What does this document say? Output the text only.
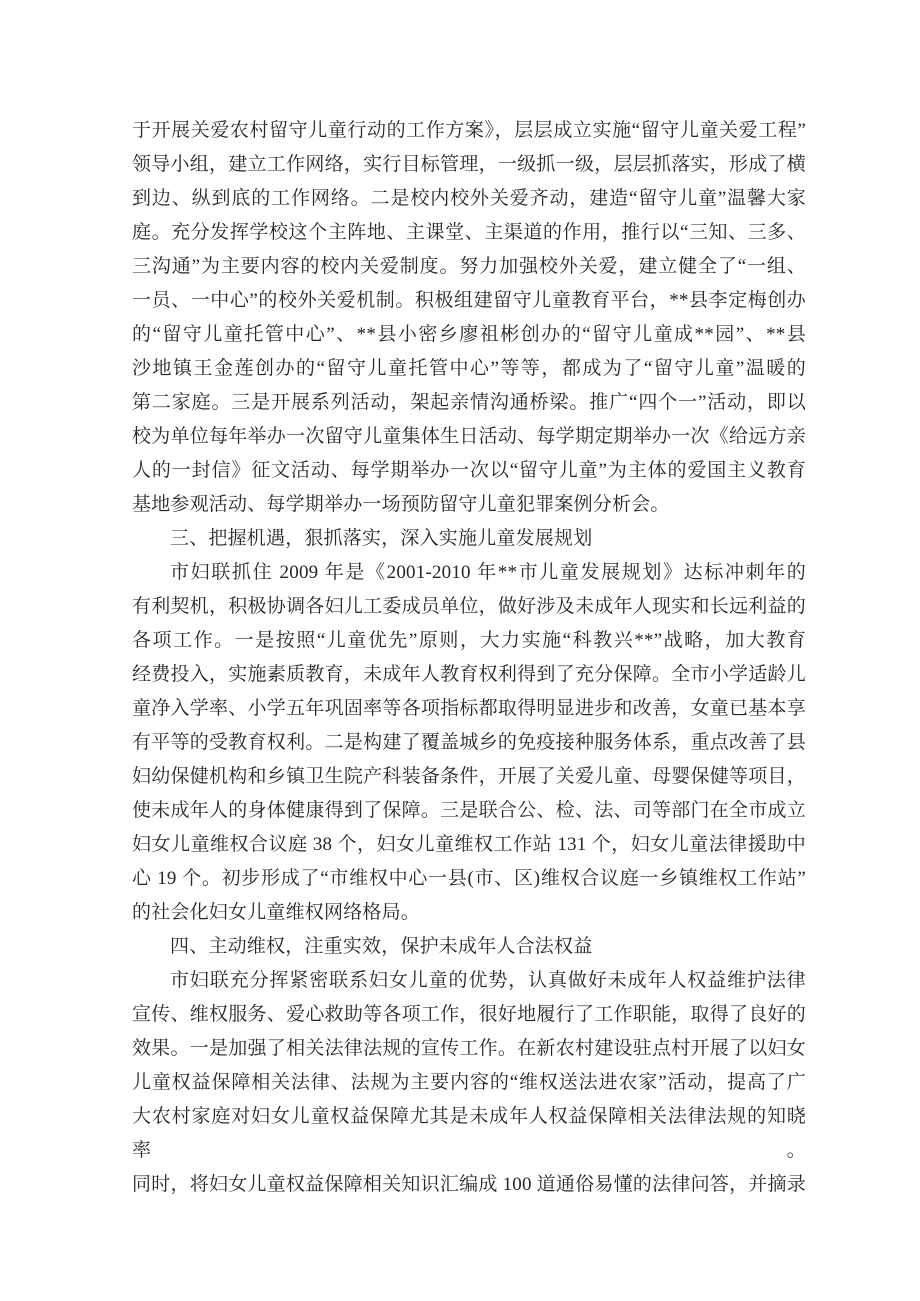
于开展关爱农村留守儿童行动的工作方案》，层层成立实施“留守儿童关爱工程”
领导小组，建立工作网络，实行目标管理，一级抓一级，层层抓落实，形成了横
到边、纵到底的工作网络。二是校内校外关爱齐动，建造“留守儿童”温馨大家
庭。充分发挥学校这个主阵地、主课堂、主渠道的作用，推行以“三知、三多、
三沟通”为主要内容的校内关爱制度。努力加强校外关爱，建立健全了“一组、
一员、一中心”的校外关爱机制。积极组建留守儿童教育平台，**县李定梅创办
的“留守儿童托管中心”、**县小密乡廖祖彬创办的“留守儿童成**园”、**县
沙地镇王金莲创办的“留守儿童托管中心”等等，都成为了“留守儿童”温暖的
第二家庭。三是开展系列活动，架起亲情沟通桥梁。推广“四个一”活动，即以
校为单位每年举办一次留守儿童集体生日活动、每学期定期举办一次《给远方亲
人的一封信》征文活动、每学期举办一次以“留守儿童”为主体的爱国主义教育
基地参观活动、每学期举办一场预防留守儿童犯罪案例分析会。
三、把握机遇，狠抓落实，深入实施儿童发展规划
市妇联抓住 2009 年是《2001-2010 年**市儿童发展规划》达标冲刺年的
有利契机，积极协调各妇儿工委成员单位，做好涉及未成年人现实和长远利益的
各项工作。一是按照“儿童优先”原则，大力实施“科教兴**”战略，加大教育
经费投入，实施素质教育，未成年人教育权利得到了充分保障。全市小学适龄儿
童净入学率、小学五年巩固率等各项指标都取得明显进步和改善，女童已基本享
有平等的受教育权利。二是构建了覆盖城乡的免疫接种服务体系，重点改善了县
妇幼保健机构和乡镇卫生院产科装备条件，开展了关爱儿童、母婴保健等项目，
使未成年人的身体健康得到了保障。三是联合公、检、法、司等部门在全市成立
妇女儿童维权合议庭 38 个，妇女儿童维权工作站 131 个，妇女儿童法律援助中
心 19 个。初步形成了“市维权中心一县(市、区)维权合议庭一乡镇维权工作站”
的社会化妇女儿童维权网络格局。
四、主动维权，注重实效，保护未成年人合法权益
市妇联充分挥紧密联系妇女儿童的优势，认真做好未成年人权益维护法律
宣传、维权服务、爱心救助等各项工作，很好地履行了工作职能，取得了良好的
效果。一是加强了相关法律法规的宣传工作。在新农村建设驻点村开展了以妇女
儿童权益保障相关法律、法规为主要内容的“维权送法进农家”活动，提高了广
大农村家庭对妇女儿童权益保障尤其是未成年人权益保障相关法律法规的知晓率。
同时，将妇女儿童权益保障相关知识汇编成 100 道通俗易懂的法律问答，并摘录
